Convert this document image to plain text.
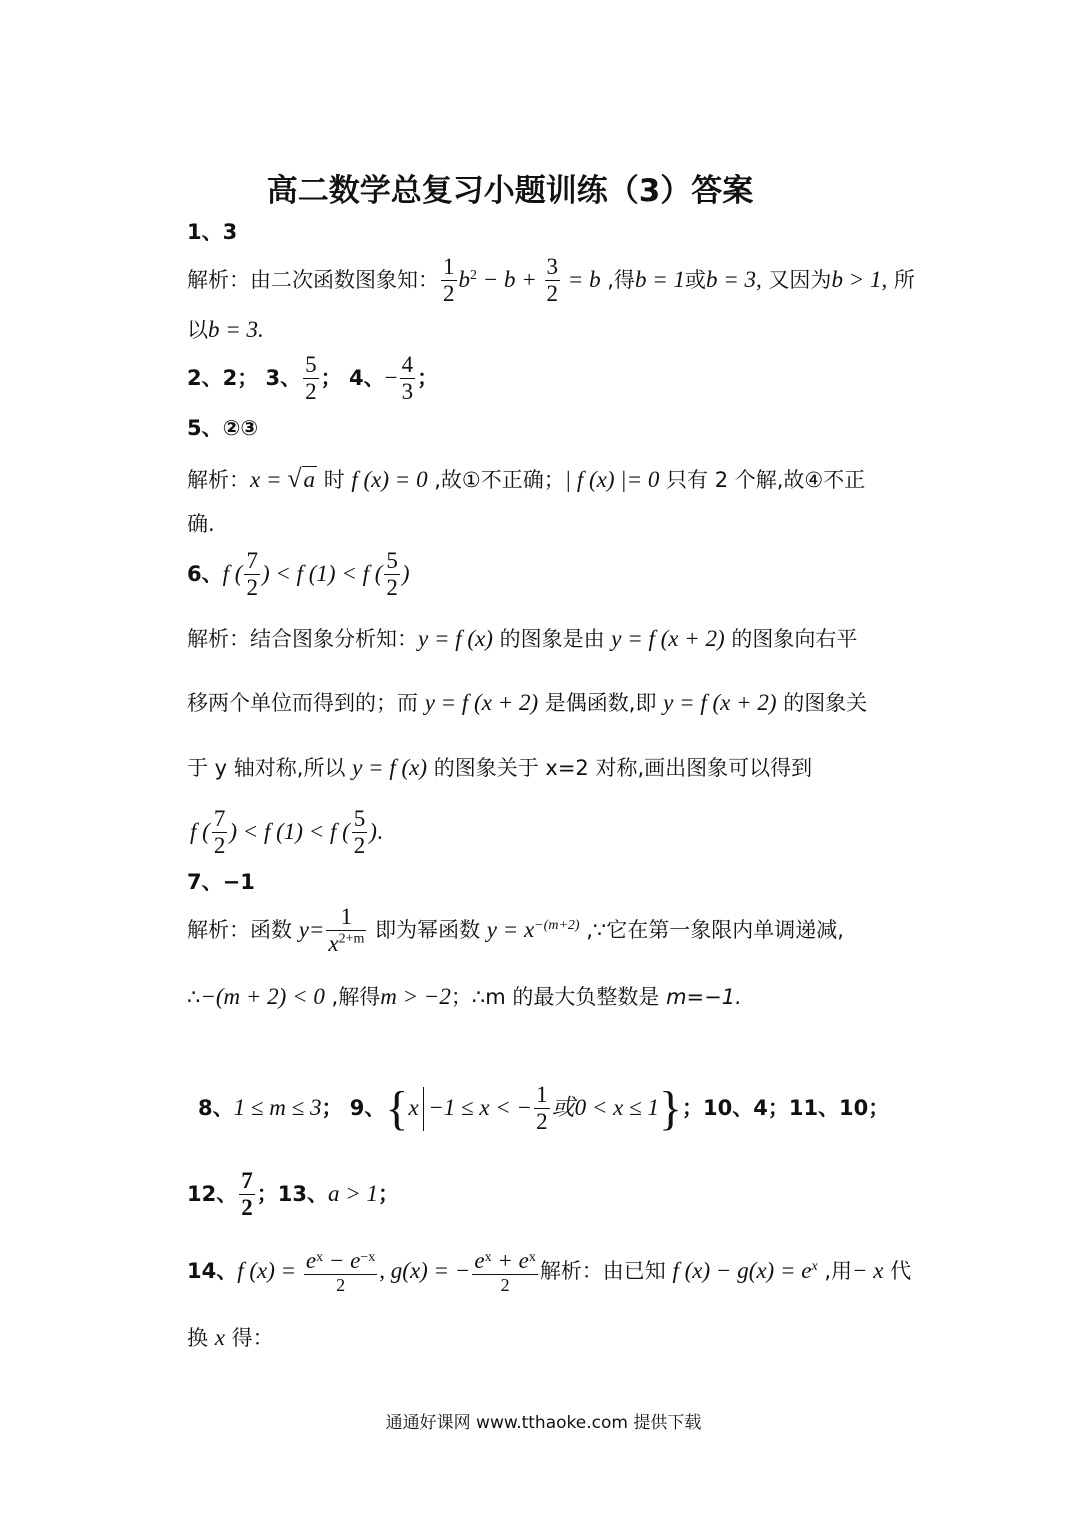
高二数学总复习小题训练（3）答案
1、3
解析：由二次函数图象知： $\frac{1}{2} b^2 - b + \frac{3}{2} = b$ ,得b = 1或b = 3, 又因为b > 1, 所
以b = 3.
2、2； 3、 $\frac{5}{2}$ ； 4、− $\frac{4}{3}$ ；
5、②③
解析：x = √a 时 f (x) = 0 ,故①不正确；| f (x) |= 0 只有 2 个解,故④不正
确.
6、f ( $\frac{7}{2}$ ) < f (1) < f ( $\frac{5}{2}$ )
解析：结合图象分析知：y = f (x) 的图象是由 y = f (x + 2) 的图象向右平
移两个单位而得到的；而 y = f (x + 2) 是偶函数,即 y = f (x + 2) 的图象关
于 y 轴对称,所以 y = f (x) 的图象关于 x=2 对称,画出图象可以得到
f ( $\frac{7}{2}$ ) < f (1) < f ( $\frac{5}{2}$ ).
7、−1
解析：函数 $y= \frac{1}{x^{2+m}}$ 即为幂函数 $y = x^{-(m+2)}$ ,∵它在第一象限内单调递减,
∴−(m + 2) < 0 ,解得m > −2；∴m 的最大负整数是 m=−1.
8、1 ≤ m ≤ 3； 9、{x −1 ≤ x < − $\frac{1}{2}$ 或0 < x ≤ 1}；10、4；11、10；
12、 $\frac{7}{2}$ ；13、a > 1；
14、f $(x) = \frac{e^x - e^{-x}}{2}$ , g(x) = − $\frac{e^x + e^x}{2}$ 解析：由已知 f $(x) - g(x) = e^x$ ,用− x 代
换 x 得：
通通好课网 www.tthaoke.com 提供下载
